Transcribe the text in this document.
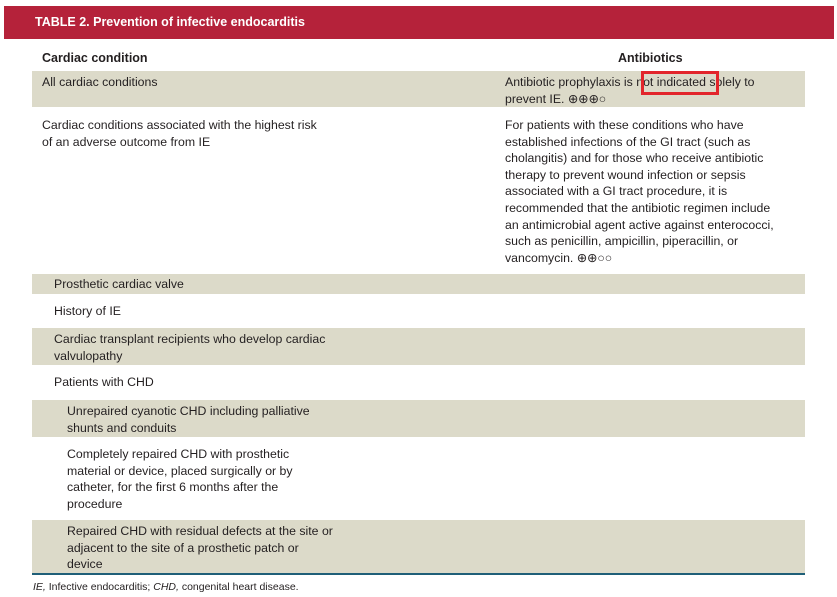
TABLE 2. Prevention of infective endocarditis
Cardiac condition	Antibiotics
All cardiac conditions	Antibiotic prophylaxis is not indicated solely to
prevent IE. ⊕⊕⊕○
Cardiac conditions associated with the highest risk
of an adverse outcome from IE
For patients with these conditions who have
established infections of the GI tract (such as
cholangitis) and for those who receive antibiotic
therapy to prevent wound infection or sepsis
associated with a GI tract procedure, it is
recommended that the antibiotic regimen include
an antimicrobial agent active against enterococci,
such as penicillin, ampicillin, piperacillin, or
vancomycin. ⊕⊕○○
Prosthetic cardiac valve
History of IE
Cardiac transplant recipients who develop cardiac
valvulopathy
Patients with CHD
Unrepaired cyanotic CHD including palliative
shunts and conduits
Completely repaired CHD with prosthetic
material or device, placed surgically or by
catheter, for the first 6 months after the
procedure
Repaired CHD with residual defects at the site or
adjacent to the site of a prosthetic patch or
device
IE, Infective endocarditis; CHD, congenital heart disease.
